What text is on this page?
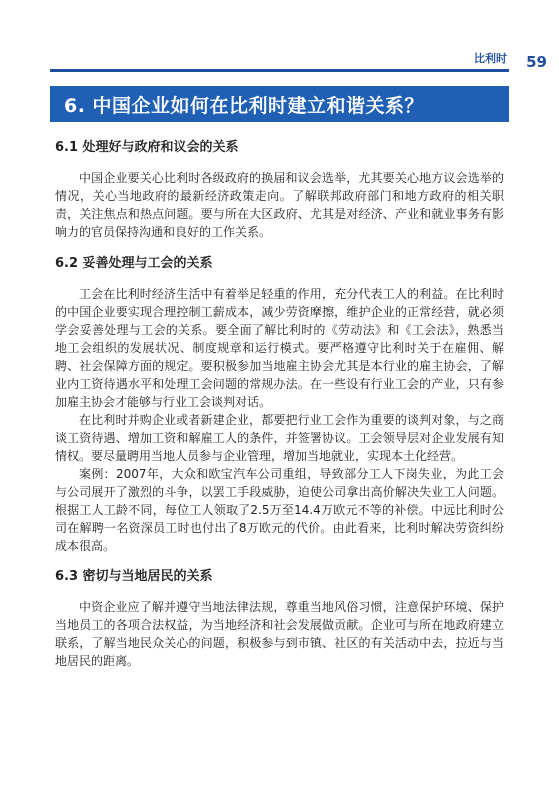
比利时 59
6. 中国企业如何在比利时建立和谐关系？
6.1 处理好与政府和议会的关系

中国企业要关心比利时各级政府的换届和议会选举，尤其要关心地方议会选举的情况，关心当地政府的最新经济政策走向。了解联邦政府部门和地方政府的相关职责，关注焦点和热点问题。要与所在大区政府、尤其是对经济、产业和就业事务有影响力的官员保持沟通和良好的工作关系。

6.2 妥善处理与工会的关系

工会在比利时经济生活中有着举足轻重的作用，充分代表工人的利益。在比利时的中国企业要实现合理控制工薪成本，减少劳资摩擦，维护企业的正常经营，就必须学会妥善处理与工会的关系。要全面了解比利时的《劳动法》和《工会法》，熟悉当地工会组织的发展状况、制度规章和运行模式。要严格遵守比利时关于在雇佣、解聘、社会保障方面的规定。要积极参加当地雇主协会尤其是本行业的雇主协会，了解业内工资待遇水平和处理工会问题的常规办法。在一些设有行业工会的产业，只有参加雇主协会才能够与行业工会谈判对话。

在比利时并购企业或者新建企业，都要把行业工会作为重要的谈判对象，与之商谈工资待遇、增加工资和解雇工人的条件，并签署协议。工会领导层对企业发展有知情权。要尽量聘用当地人员参与企业管理，增加当地就业，实现本土化经营。

案例：2007年，大众和欧宝汽车公司重组，导致部分工人下岗失业，为此工会与公司展开了激烈的斗争，以罢工手段威胁，迫使公司拿出高价解决失业工人问题。根据工人工龄不同，每位工人领取了2.5万至14.4万欧元不等的补偿。中远比利时公司在解聘一名资深员工时也付出了8万欧元的代价。由此看来，比利时解决劳资纠纷成本很高。

6.3 密切与当地居民的关系

中资企业应了解并遵守当地法律法规，尊重当地风俗习惯，注意保护环境、保护当地员工的各项合法权益，为当地经济和社会发展做贡献。企业可与所在地政府建立联系，了解当地民众关心的问题，积极参与到市镇、社区的有关活动中去，拉近与当地居民的距离。
